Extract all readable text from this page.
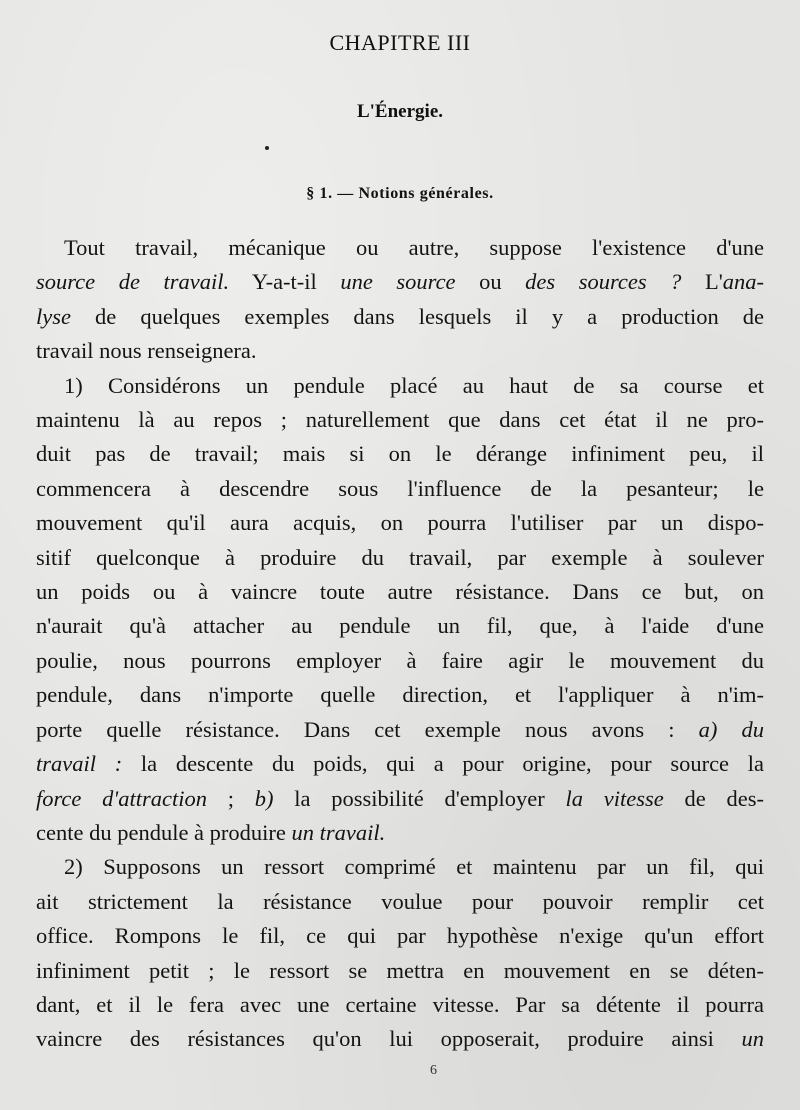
CHAPITRE III
L'Énergie.
§ 1. — Notions générales.
Tout travail, mécanique ou autre, suppose l'existence d'une
source de travail. Y-a-t-il une source ou des sources ? L'ana-
lyse de quelques exemples dans lesquels il y a production de
travail nous renseignera.
1) Considérons un pendule placé au haut de sa course et
maintenu là au repos ; naturellement que dans cet état il ne pro-
duit pas de travail; mais si on le dérange infiniment peu, il
commencera à descendre sous l'influence de la pesanteur; le
mouvement qu'il aura acquis, on pourra l'utiliser par un dispo-
sitif quelconque à produire du travail, par exemple à soulever
un poids ou à vaincre toute autre résistance. Dans ce but, on
n'aurait qu'à attacher au pendule un fil, que, à l'aide d'une
poulie, nous pourrons employer à faire agir le mouvement du
pendule, dans n'importe quelle direction, et l'appliquer à n'im-
porte quelle résistance. Dans cet exemple nous avons : a) du
travail : la descente du poids, qui a pour origine, pour source la
force d'attraction ; b) la possibilité d'employer la vitesse de des-
cente du pendule à produire un travail.
2) Supposons un ressort comprimé et maintenu par un fil, qui
ait strictement la résistance voulue pour pouvoir remplir cet
office. Rompons le fil, ce qui par hypothèse n'exige qu'un effort
infiniment petit ; le ressort se mettra en mouvement en se déten-
dant, et il le fera avec une certaine vitesse. Par sa détente il pourra
vaincre des résistances qu'on lui opposerait, produire ainsi un
6
